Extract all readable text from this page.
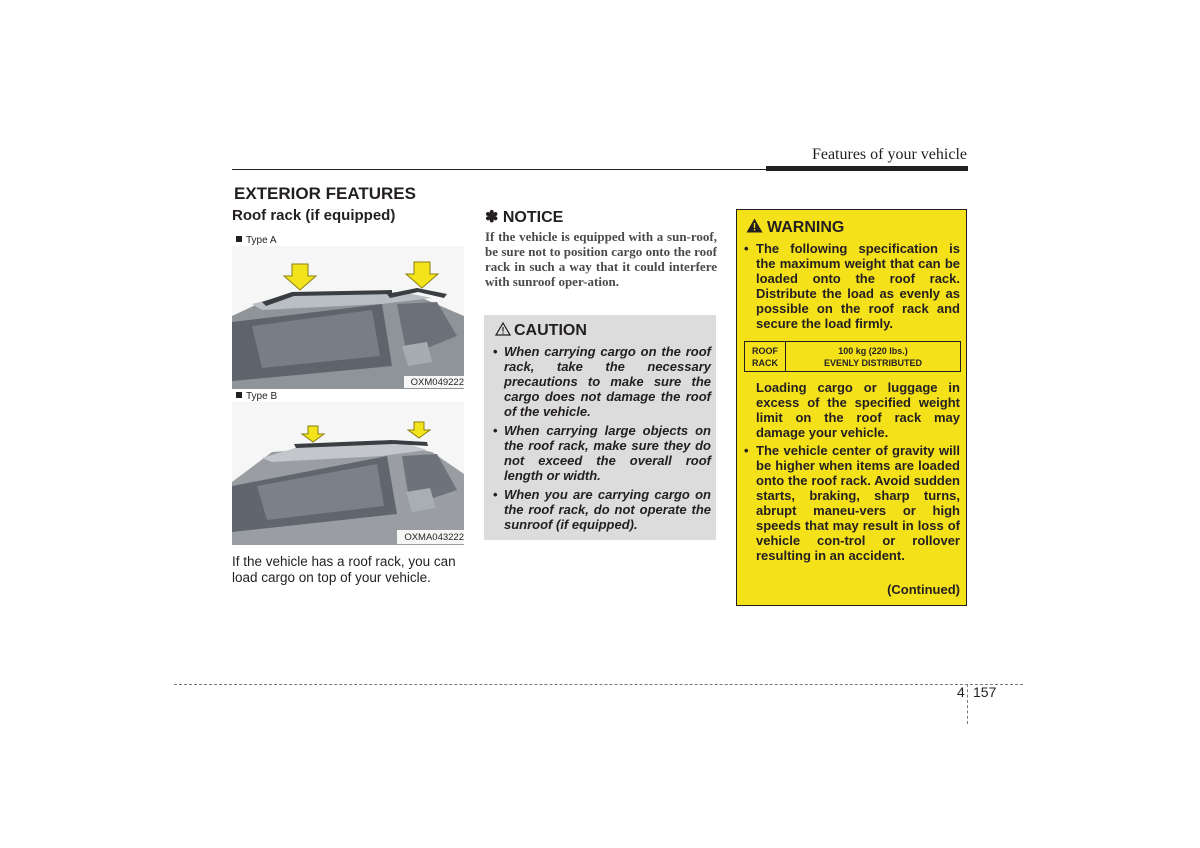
Features of your vehicle
EXTERIOR FEATURES
Roof rack (if equipped)
Type A
OXM049222
Type B
OXMA043222
If the vehicle has a roof rack, you can load cargo on top of your vehicle.
✽ NOTICE
If the vehicle is equipped with a sun-roof, be sure not to position cargo onto the roof rack in such a way that it could interfere with sunroof oper-ation.
CAUTION
• When carrying cargo on the roof rack, take the necessary precautions to make sure the cargo does not damage the roof of the vehicle.
• When carrying large objects on the roof rack, make sure they do not exceed the overall roof length or width.
• When you are carrying cargo on the roof rack, do not operate the sunroof (if equipped).
WARNING
• The following specification is the maximum weight that can be loaded onto the roof rack. Distribute the load as evenly as possible on the roof rack and secure the load firmly.
ROOF
RACK
100 kg (220 lbs.)
EVENLY DISTRIBUTED
Loading cargo or luggage in excess of the specified weight limit on the roof rack may damage your vehicle.
• The vehicle center of gravity will be higher when items are loaded onto the roof rack. Avoid sudden starts, braking, sharp turns, abrupt maneu-vers or high speeds that may result in loss of vehicle con-trol or rollover resulting in an accident.
(Continued)
4 157
